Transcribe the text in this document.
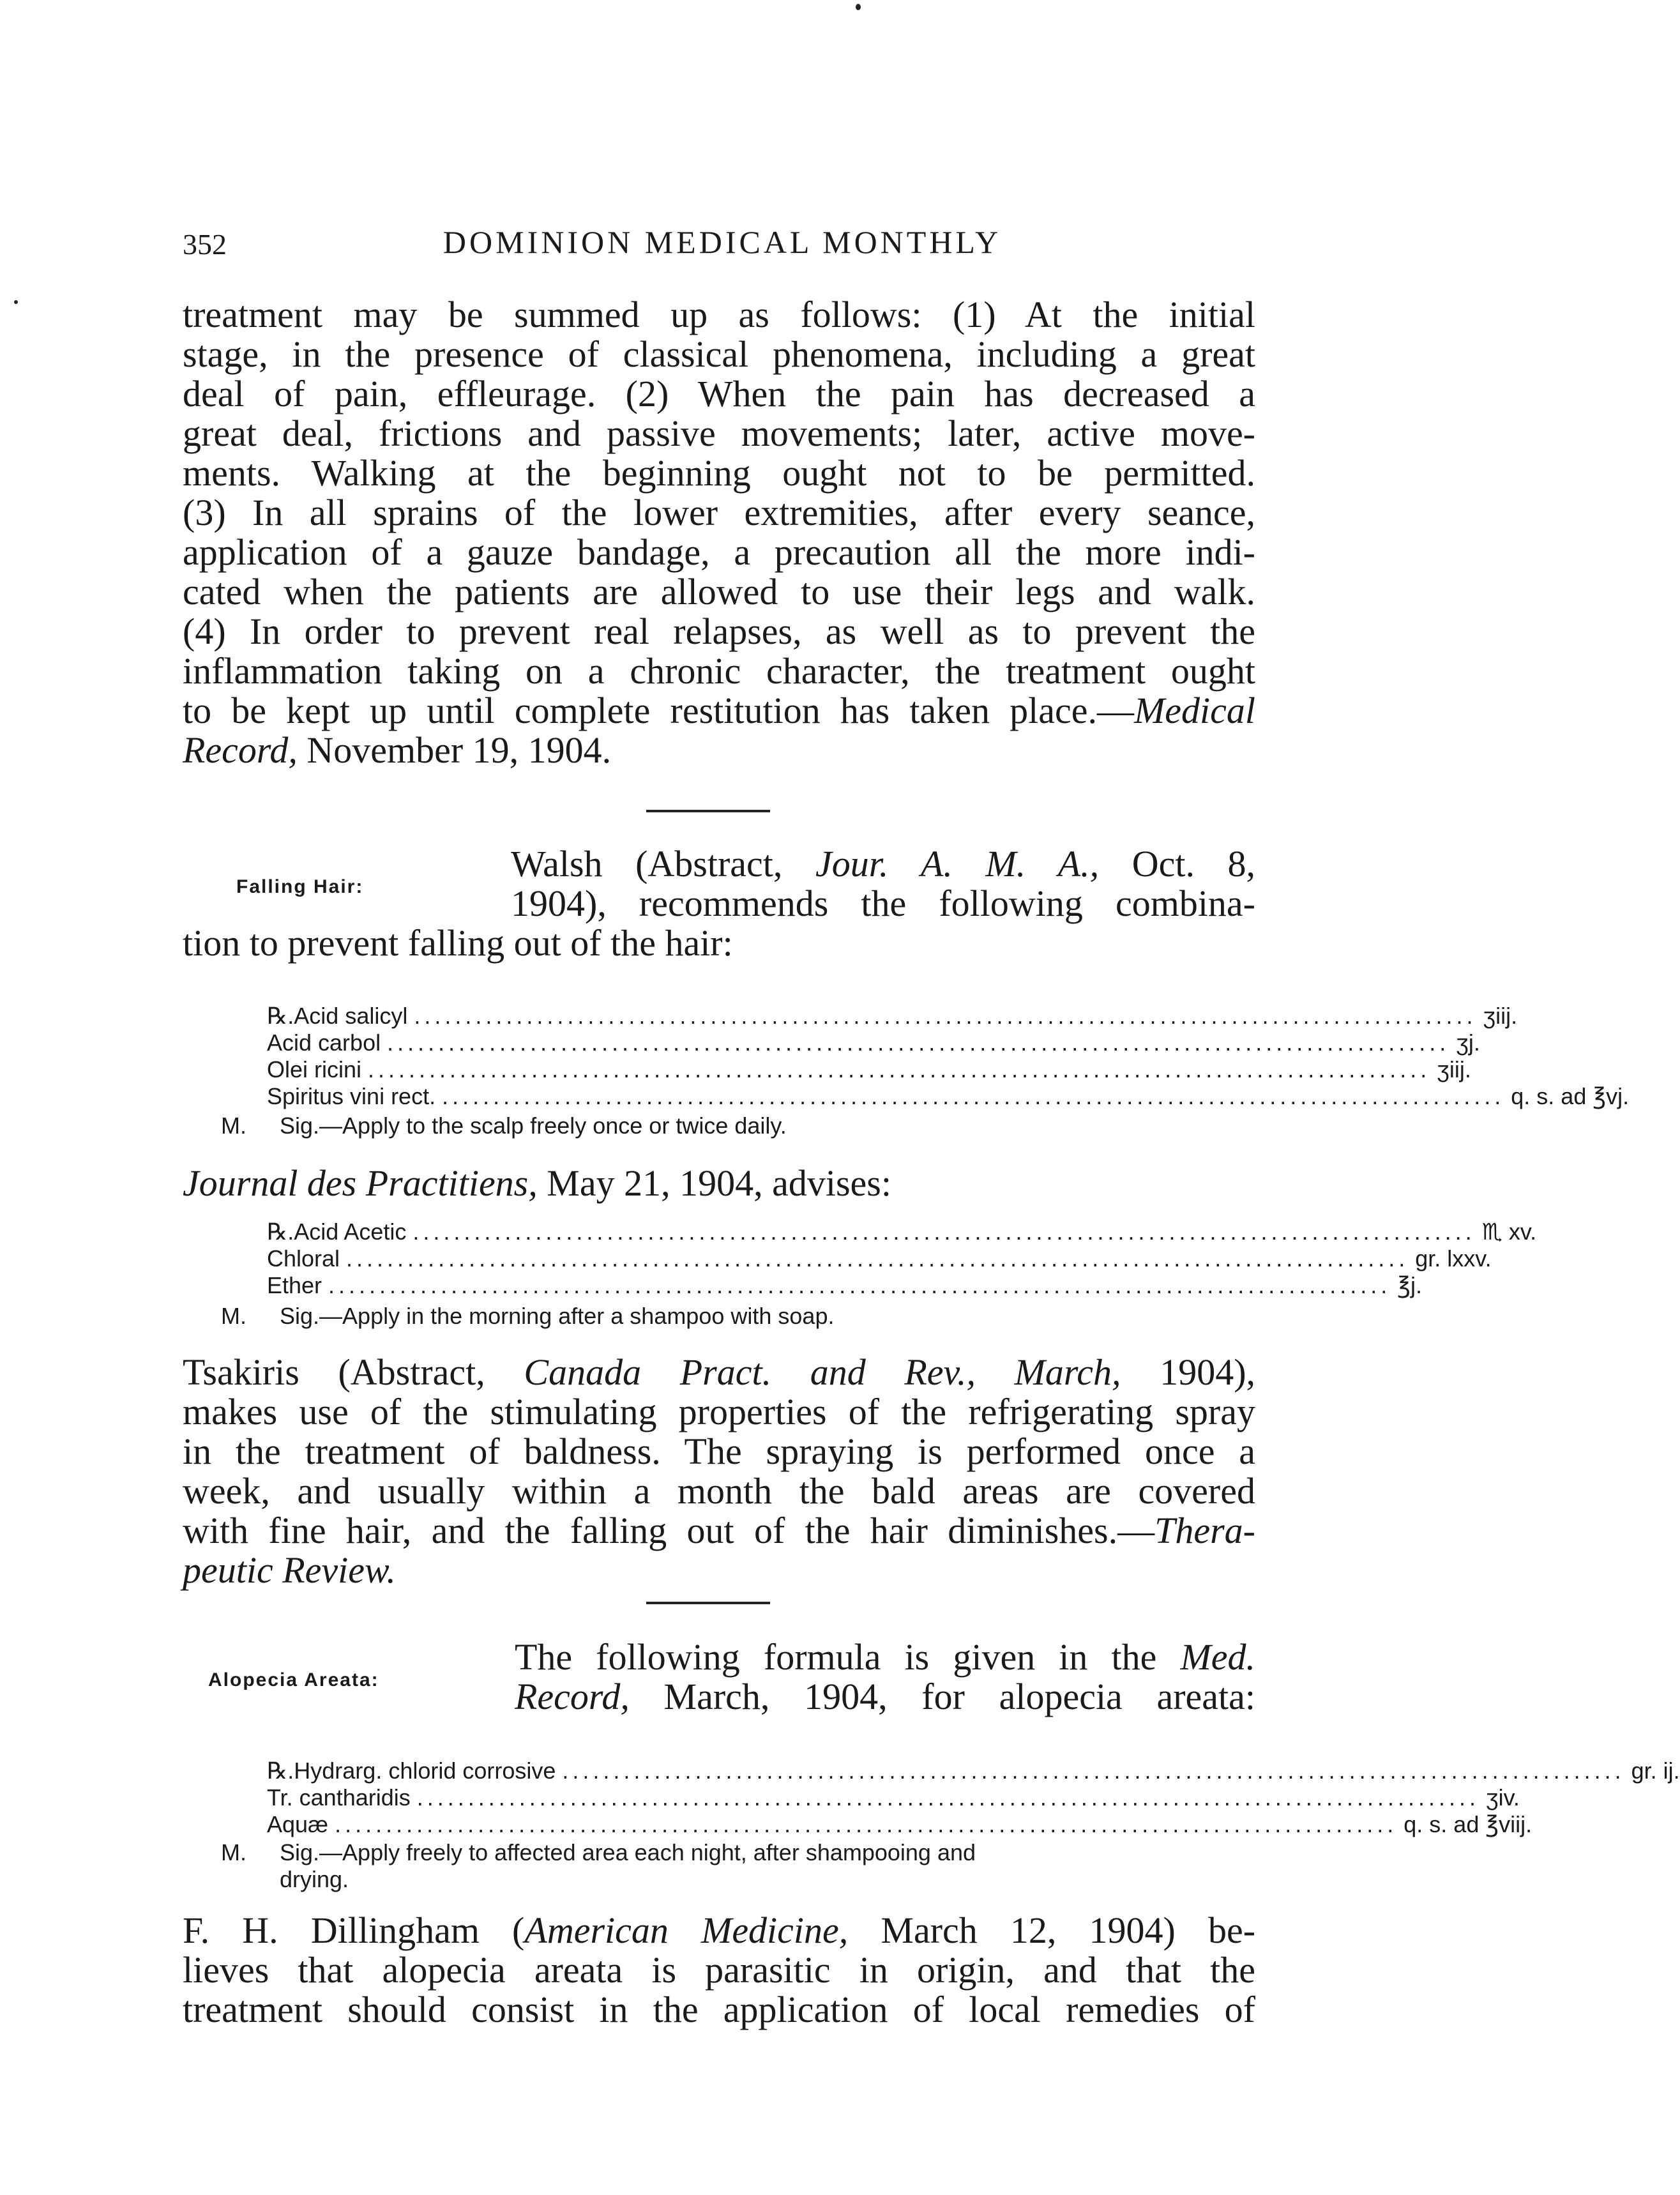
352	DOMINION MEDICAL MONTHLY
treatment may be summed up as follows: (1) At the initial
stage, in the presence of classical phenomena, including a great
deal of pain, effleurage. (2) When the pain has decreased a
great deal, frictions and passive movements; later, active move-
ments. Walking at the beginning ought not to be permitted.
(3) In all sprains of the lower extremities, after every seance,
application of a gauze bandage, a precaution all the more indi-
cated when the patients are allowed to use their legs and walk.
(4) In order to prevent real relapses, as well as to prevent the
inflammation taking on a chronic character, the treatment ought
to be kept up until complete restitution has taken place.—Medical
Record, November 19, 1904.
Falling Hair:
Walsh (Abstract, Jour. A. M. A., Oct. 8,
1904), recommends the following combina-
tion to prevent falling out of the hair:
℞. Acid salicyl ........................................................................................................ ʒiij.
Acid carbol ........................................................................................................ ʒj.
Olei ricini ........................................................................................................ ʒiij.
Spiritus vini rect. ........................................................................................................ q. s. ad ℥vj.
M.	Sig.—Apply to the scalp freely once or twice daily.
Journal des Practitiens, May 21, 1904, advises:
℞. Acid Acetic ........................................................................................................ ♏ xv.
Chloral ........................................................................................................ gr. lxxv.
Ether ........................................................................................................ ℥j.
M.	Sig.—Apply in the morning after a shampoo with soap.
Tsakiris (Abstract, Canada Pract. and Rev., March, 1904),
makes use of the stimulating properties of the refrigerating spray
in the treatment of baldness. The spraying is performed once a
week, and usually within a month the bald areas are covered
with fine hair, and the falling out of the hair diminishes.—Thera-
peutic Review.
Alopecia Areata:
The following formula is given in the Med.
Record, March, 1904, for alopecia areata:
℞. Hydrarg. chlorid corrosive ........................................................................................................ gr. ij.
Tr. cantharidis ........................................................................................................ ʒiv.
Aquæ ........................................................................................................ q. s. ad ℥viij.
M.	Sig.—Apply freely to affected area each night, after shampooing and
drying.
F. H. Dillingham (American Medicine, March 12, 1904) be-
lieves that alopecia areata is parasitic in origin, and that the
treatment should consist in the application of local remedies of
